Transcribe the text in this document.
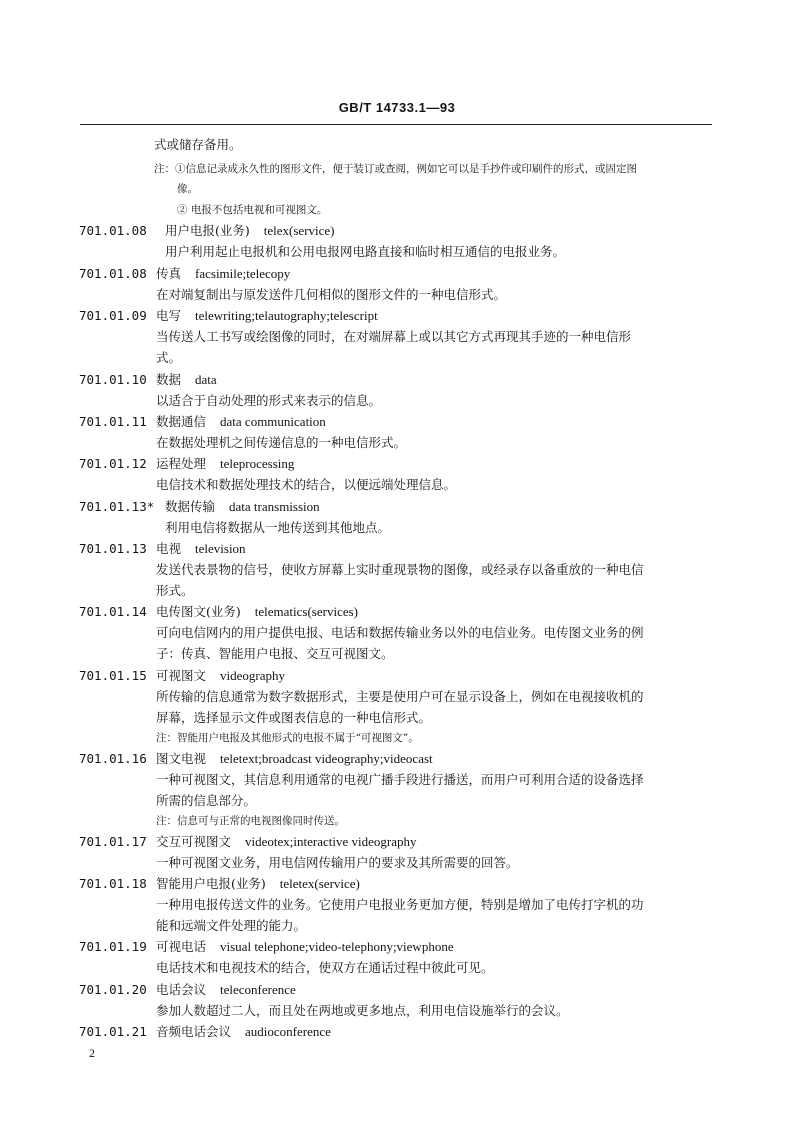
GB/T 14733.1—93
式或储存备用。
注：①信息记录成永久性的图形文件，便于装订或查阅，例如它可以是手抄件或印刷件的形式，或固定图
像。
② 电报不包括电视和可视图文。
701.01.08 用户电报(业务) telex(service)
用户利用起止电报机和公用电报网电路直接和临时相互通信的电报业务。
701.01.08 传真 facsimile;telecopy
在对端复制出与原发送件几何相似的图形文件的一种电信形式。
701.01.09 电写 telewriting;telautography;telescript
当传送人工书写或绘图像的同时，在对端屏幕上或以其它方式再现其手迹的一种电信形
式。
701.01.10 数据 data
以适合于自动处理的形式来表示的信息。
701.01.11 数据通信 data communication
在数据处理机之间传递信息的一种电信形式。
701.01.12 运程处理 teleprocessing
电信技术和数据处理技术的结合，以便远端处理信息。
701.01.13* 数据传输 data transmission
利用电信将数据从一地传送到其他地点。
701.01.13 电视 television
发送代表景物的信号，使收方屏幕上实时重现景物的图像，或经录存以备重放的一种电信
形式。
701.01.14 电传图文(业务) telematics(services)
可向电信网内的用户提供电报、电话和数据传输业务以外的电信业务。电传图文业务的例
子：传真、智能用户电报、交互可视图文。
701.01.15 可视图文 videography
所传输的信息通常为数字数据形式，主要是使用户可在显示设备上，例如在电视接收机的
屏幕，选择显示文件或图表信息的一种电信形式。
注：智能用户电报及其他形式的电报不属于“可视图文”。
701.01.16 图文电视 teletext;broadcast videography;videocast
一种可视图文，其信息利用通常的电视广播手段进行播送，而用户可利用合适的设备选择
所需的信息部分。
注：信息可与正常的电视图像同时传送。
701.01.17 交互可视图文 videotex;interactive videography
一种可视图文业务，用电信网传输用户的要求及其所需要的回答。
701.01.18 智能用户电报(业务) teletex(service)
一种用电报传送文件的业务。它使用户电报业务更加方便，特别是增加了电传打字机的功
能和远端文件处理的能力。
701.01.19 可视电话 visual telephone;video-telephony;viewphone
电话技术和电视技术的结合，使双方在通话过程中彼此可见。
701.01.20 电话会议 teleconference
参加人数超过二人，而且处在两地或更多地点，利用电信设施举行的会议。
701.01.21 音频电话会议 audioconference
2
